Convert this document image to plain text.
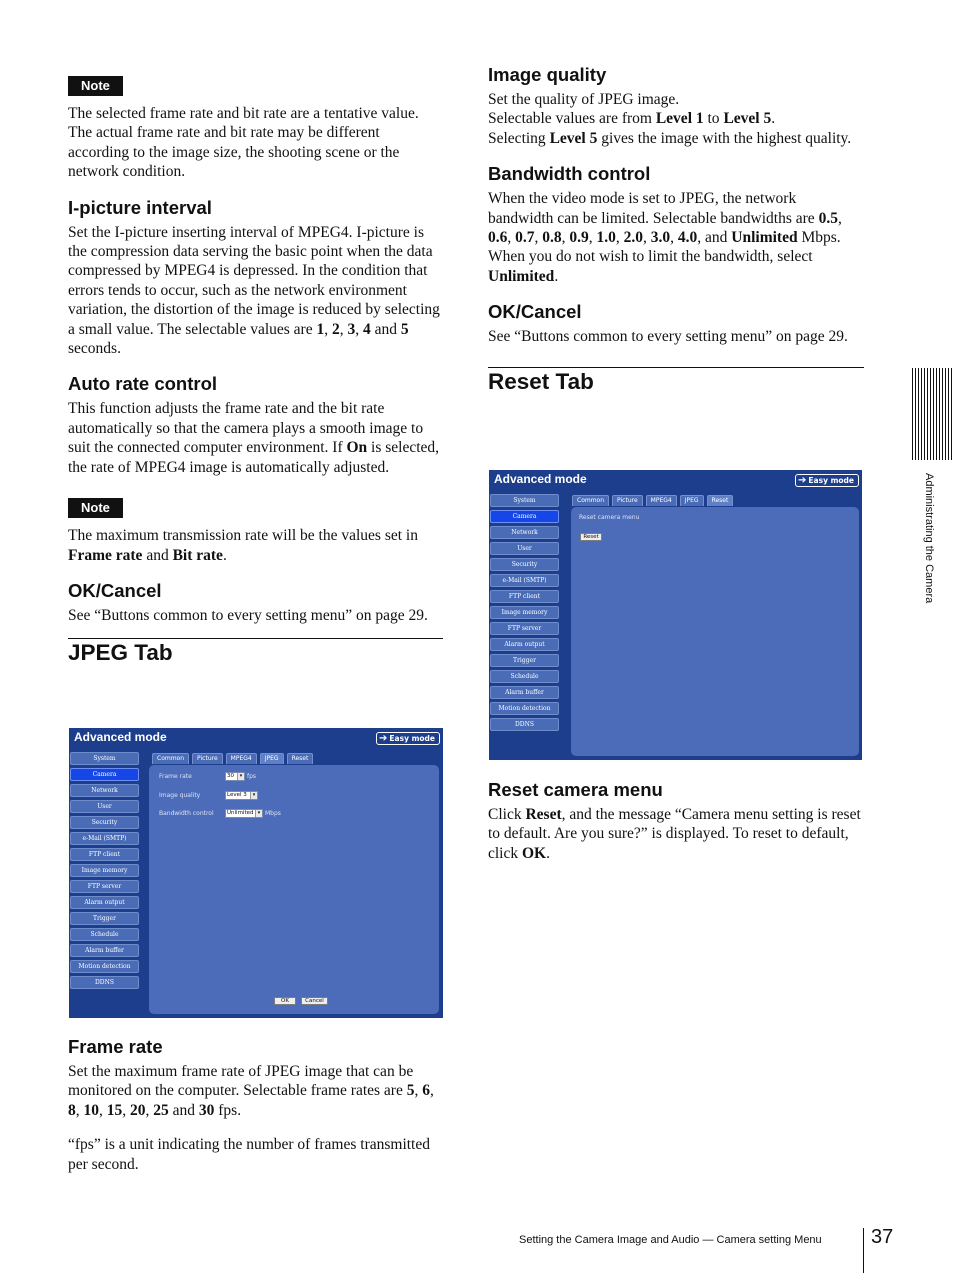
Note

The selected frame rate and bit rate are a tentative value. The actual frame rate and bit rate may be different according to the image size, the shooting scene or the network condition.

I-picture interval

Set the I-picture inserting interval of MPEG4. I-picture is the compression data serving the basic point when the data compressed by MPEG4 is depressed. In the condition that errors tends to occur, such as the network environment variation, the distortion of the image is reduced by selecting a small value. The selectable values are 1, 2, 3, 4 and 5 seconds.

Auto rate control

This function adjusts the frame rate and the bit rate automatically so that the camera plays a smooth image to suit the connected computer environment. If On is selected, the rate of MPEG4 image is automatically adjusted.

Note

The maximum transmission rate will be the values set in Frame rate and Bit rate.

OK/Cancel

See “Buttons common to every setting menu” on page 29.

JPEG Tab
Advanced mode	➔ Easy mode
System
Camera
Network
User
Security
e-Mail (SMTP)
FTP client
Image memory
FTP server
Alarm output
Trigger
Schedule
Alarm buffer
Motion detection
DDNS
Common	Picture	MPEG4	JPEG	Reset
Frame rate	30	▾ fps
Image quality	Level 3	▾
Bandwidth control	Unlimited ▾ Mbps
OK	Cancel
Frame rate

Set the maximum frame rate of JPEG image that can be monitored on the computer. Selectable frame rates are 5, 6, 8, 10, 15, 20, 25 and 30 fps.

“fps” is a unit indicating the number of frames transmitted per second.

Image quality

Set the quality of JPEG image.
Selectable values are from Level 1 to Level 5.
Selecting Level 5 gives the image with the highest quality.

Bandwidth control

When the video mode is set to JPEG, the network bandwidth can be limited. Selectable bandwidths are 0.5, 0.6, 0.7, 0.8, 0.9, 1.0, 2.0, 3.0, 4.0, and Unlimited Mbps. When you do not wish to limit the bandwidth, select Unlimited.

OK/Cancel

See “Buttons common to every setting menu” on page 29.

Reset Tab
Advanced mode	➔ Easy mode
System
Camera
Network
User
Security
e-Mail (SMTP)
FTP client
Image memory
FTP server
Alarm output
Trigger
Schedule
Alarm buffer
Motion detection
DDNS
Common	Picture	MPEG4	JPEG	Reset
Reset camera menu
Reset
Reset camera menu

Click Reset, and the message “Camera menu setting is reset to default. Are you sure?” is displayed. To reset to default, click OK.

Administrating the Camera
Setting the Camera Image and Audio — Camera setting Menu 37
